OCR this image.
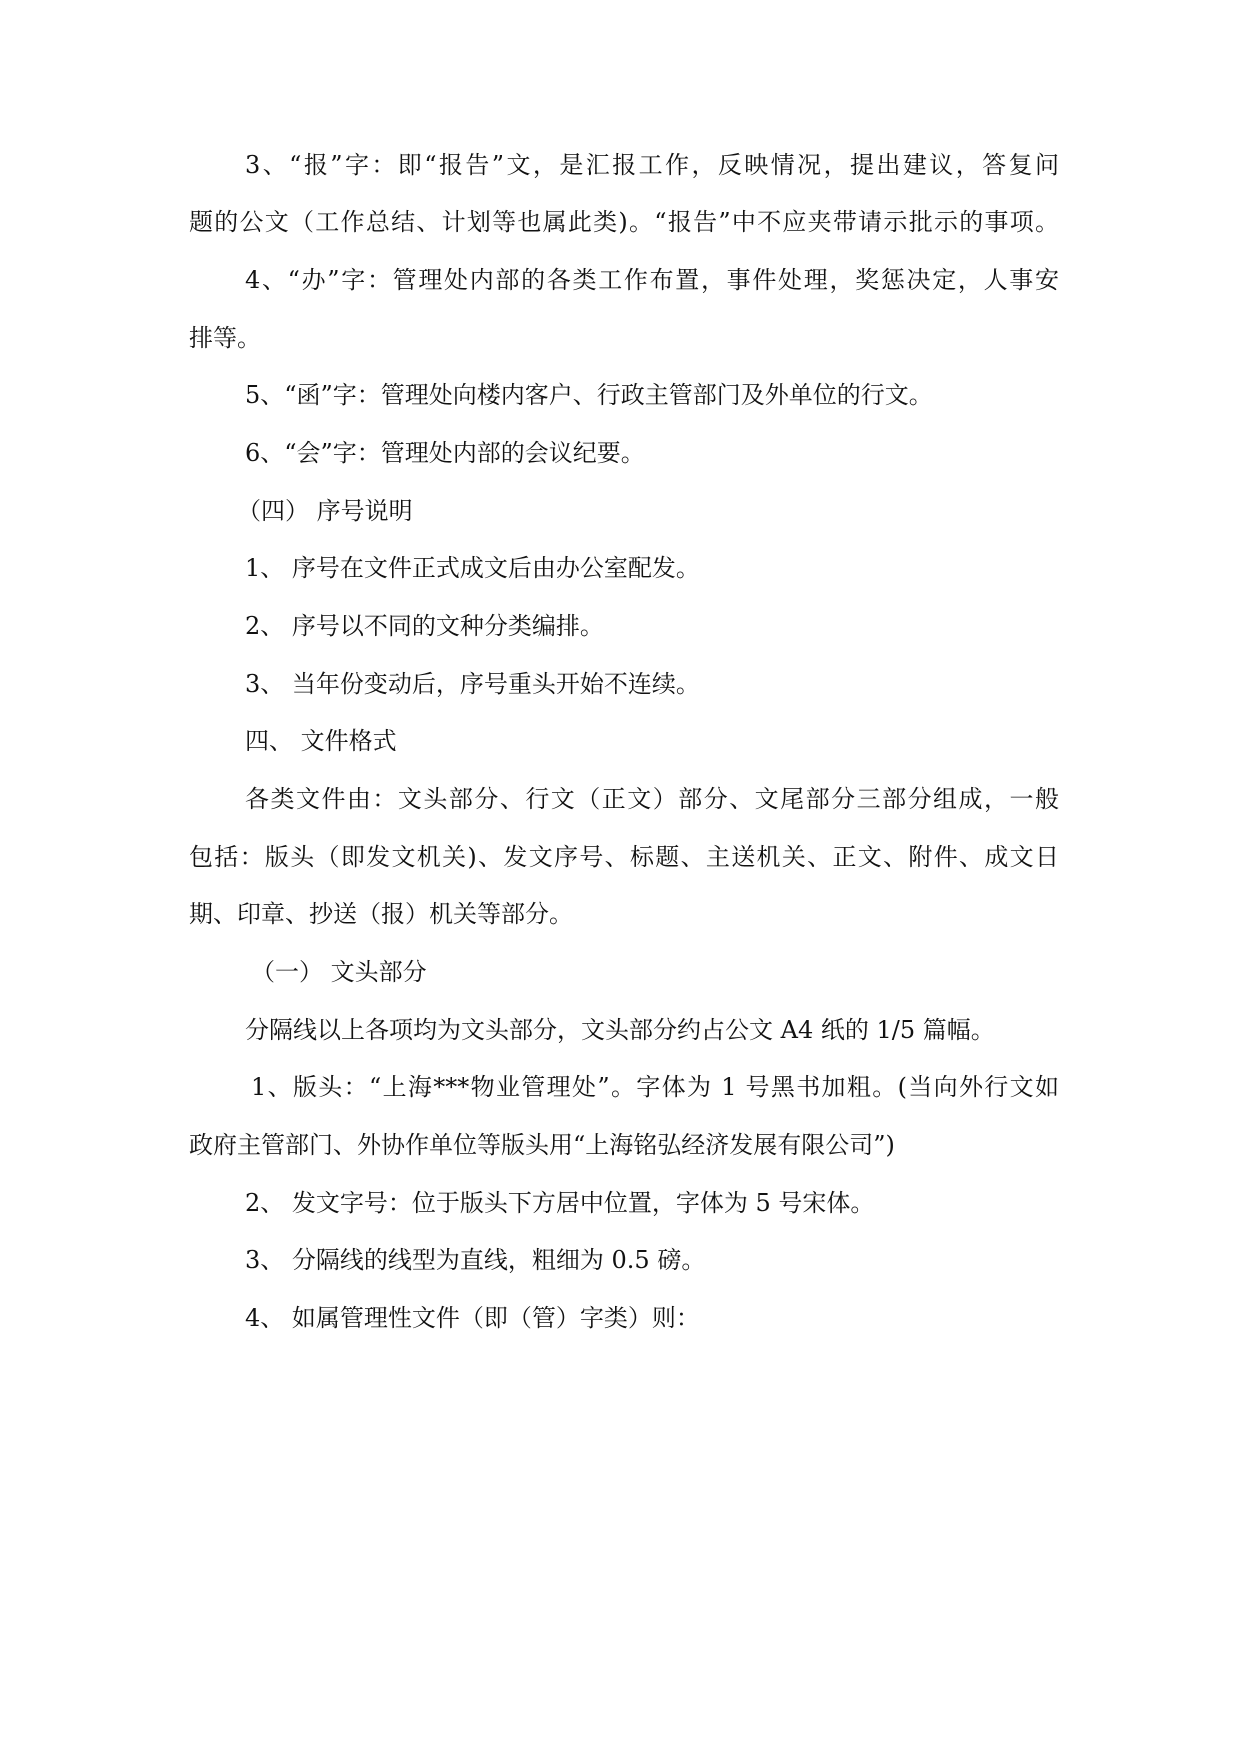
3、“报”字：即“报告”文，是汇报工作，反映情况，提出建议，答复问

题的公文（工作总结、计划等也属此类)。“报告”中不应夹带请示批示的事项。

4、“办”字：管理处内部的各类工作布置，事件处理，奖惩决定，人事安

排等。

5、“函”字：管理处向楼内客户、行政主管部门及外单位的行文。

6、“会”字：管理处内部的会议纪要。

（四） 序号说明

1、 序号在文件正式成文后由办公室配发。

2、 序号以不同的文种分类编排。

3、 当年份变动后，序号重头开始不连续。

四、 文件格式

各类文件由：文头部分、行文（正文）部分、文尾部分三部分组成，一般

包括：版头（即发文机关)、发文序号、标题、主送机关、正文、附件、成文日

期、印章、抄送（报）机关等部分。

（一） 文头部分

分隔线以上各项均为文头部分，文头部分约占公文 A4 纸的 1/5 篇幅。

1、版头：“上海***物业管理处”。字体为 1 号黑书加粗。(当向外行文如

政府主管部门、外协作单位等版头用“上海铭弘经济发展有限公司”)

2、 发文字号：位于版头下方居中位置，字体为 5 号宋体。

3、 分隔线的线型为直线，粗细为 0.5 磅。

4、 如属管理性文件（即（管）字类）则：
